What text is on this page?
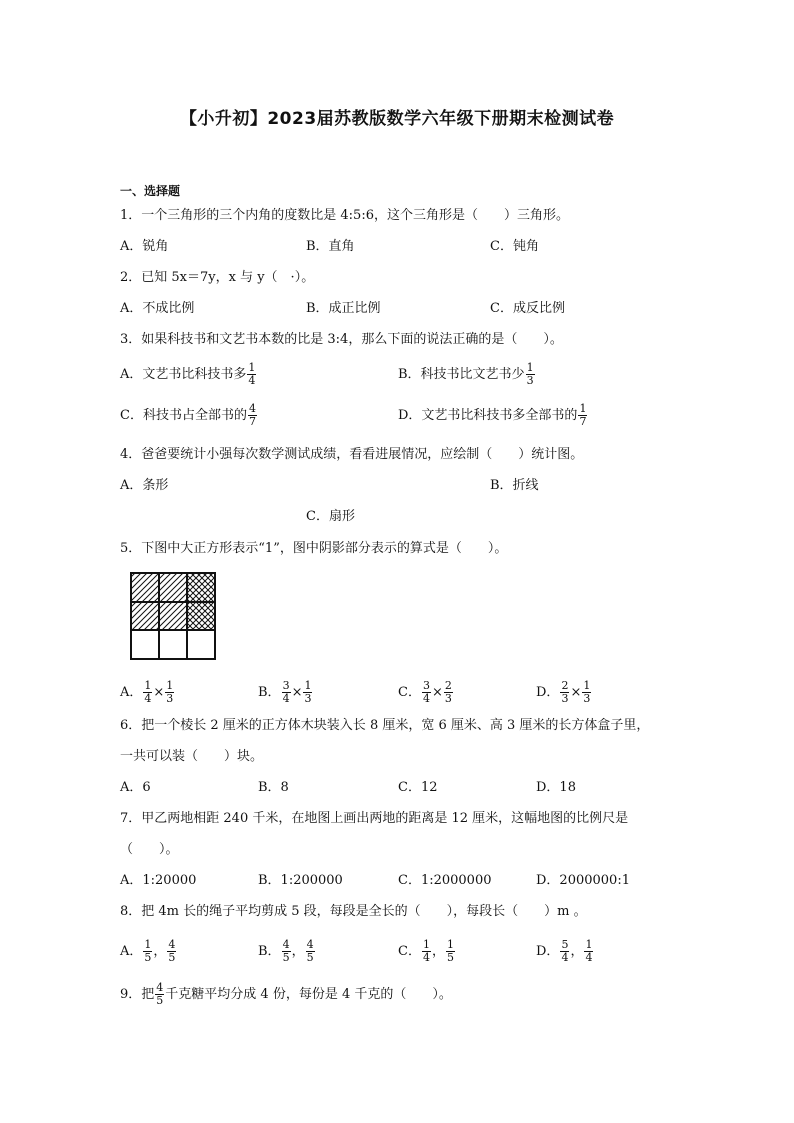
【小升初】2023届苏教版数学六年级下册期末检测试卷
一、选择题
1．一个三角形的三个内角的度数比是 4:5:6，这个三角形是（　　）三角形。
A．锐角	B．直角	C．钝角
2．已知 5x＝7y，x 与 y（　·）。
A．不成比例	B．成正比例	C．成反比例
3．如果科技书和文艺书本数的比是 3:4，那么下面的说法正确的是（　　）。
A．文艺书比科技书多 $\frac{1}{4}$	B．科技书比文艺书少 $\frac{1}{3}$
C．科技书占全部书的 $\frac{4}{7}$	D．文艺书比科技书多全部书的 $\frac{1}{7}$
4．爸爸要统计小强每次数学测试成绩，看看进展情况，应绘制（　　）统计图。
A．条形	B．折线
C．扇形
5．下图中大正方形表示“1”，图中阴影部分表示的算式是（　　）。
A． $\frac{1}{4} \times \frac{1}{3}$	B． $\frac{3}{4} \times \frac{1}{3}$	C． $\frac{3}{4} \times \frac{2}{3}$	D． $\frac{2}{3} \times \frac{1}{3}$
6．把一个棱长 2 厘米的正方体木块装入长 8 厘米，宽 6 厘米、高 3 厘米的长方体盒子里，
一共可以装（　　）块。
A．6	B．8	C．12	D．18
7．甲乙两地相距 240 千米，在地图上画出两地的距离是 12 厘米，这幅地图的比例尺是
（　　）。
A．1:20000	B．1:200000	C．1:2000000	D．2000000:1
8．把 4m 长的绳子平均剪成 5 段，每段是全长的（　　），每段长（　　）m 。
A． $\frac{1}{5}$ ， $\frac{4}{5}$	B． $\frac{4}{5}$ ， $\frac{4}{5}$	C． $\frac{1}{4}$ ， $\frac{1}{5}$	D． $\frac{5}{4}$ ， $\frac{1}{4}$
9．把 $\frac{4}{5}$ 千克糖平均分成 4 份，每份是 4 千克的（　　）。
